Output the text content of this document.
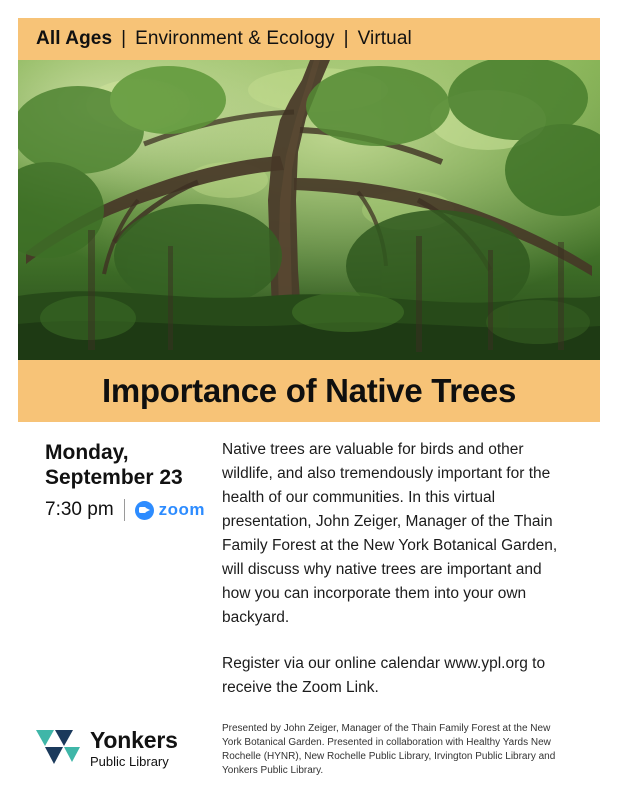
All Ages | Environment & Ecology | Virtual
Importance of Native Trees
Monday,
September 23
7:30 pm	zoom

Native trees are valuable for birds and other wildlife, and also tremendously important for the health of our communities. In this virtual presentation, John Zeiger, Manager of the Thain Family Forest at the New York Botanical Garden, will discuss why native trees are important and how you can incorporate them into your own backyard.

Register via our online calendar www.ypl.org to receive the Zoom Link.

Presented by John Zeiger, Manager of the Thain Family Forest at the New York Botanical Garden. Presented in collaboration with Healthy Yards New Rochelle (HYNR), New Rochelle Public Library, Irvington Public Library and Yonkers Public Library.

Yonkers
Public Library
